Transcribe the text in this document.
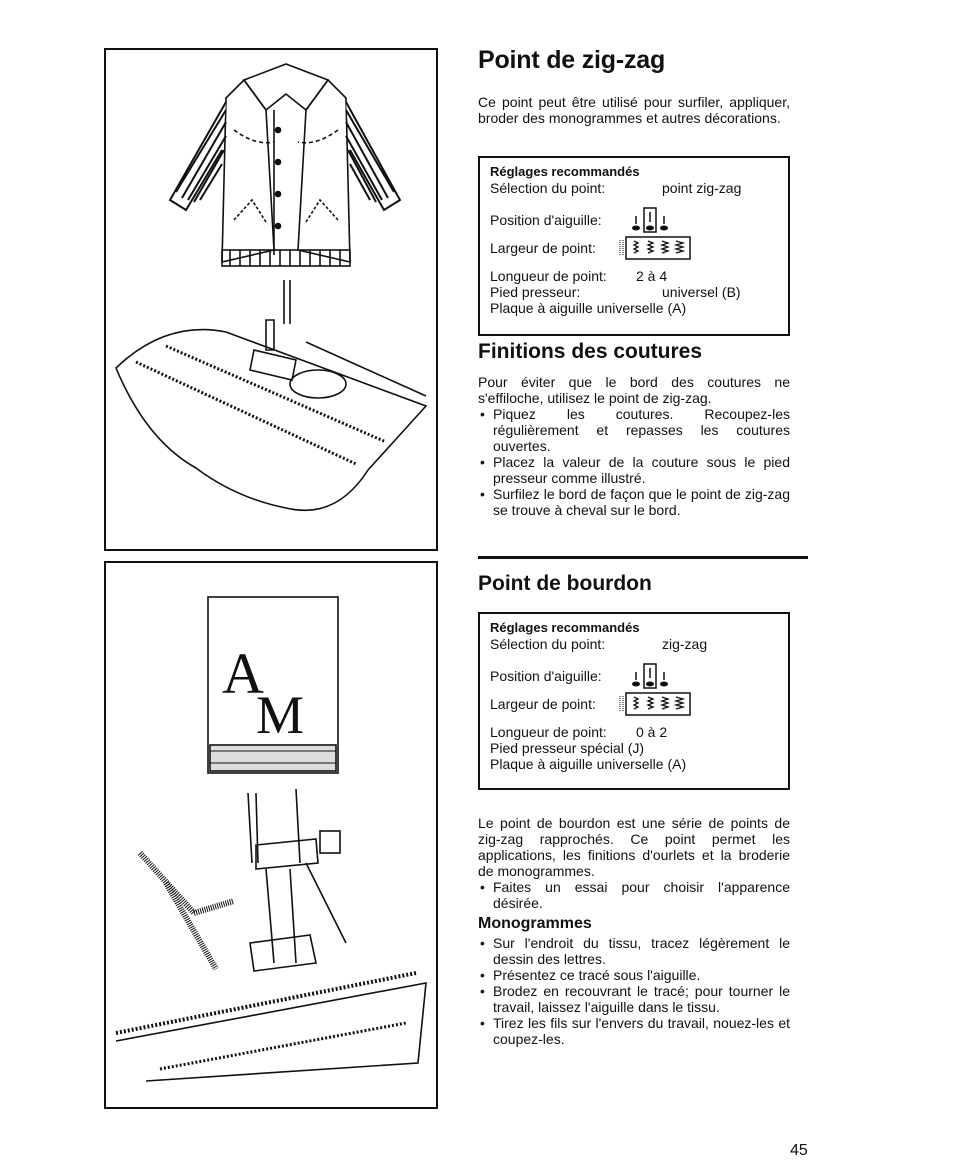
A
M
Point de zig-zag

Ce point peut être utilisé pour surfiler, appliquer, broder des monogrammes et autres décorations.

Réglages recommandés
Sélection du point:	point zig-zag
Position d'aiguille:
Largeur de point:
Longueur de point:	2 à 4
Pied presseur:	universel (B)
Plaque à aiguille universelle (A)
Finitions des coutures

Pour éviter que le bord des coutures ne s'effiloche, utilisez le point de zig-zag.

• Piquez les coutures. Recoupez-les régulièrement et repasses les coutures ouvertes.
• Placez la valeur de la couture sous le pied presseur comme illustré.
• Surfilez le bord de façon que le point de zig-zag se trouve à cheval sur le bord.
Point de bourdon
Réglages recommandés
Sélection du point:	zig-zag
Position d'aiguille:
Largeur de point:
Longueur de point:	0 à 2
Pied presseur spécial (J)
Plaque à aiguille universelle (A)

Le point de bourdon est une série de points de zig-zag rapprochés. Ce point permet les applications, les finitions d'ourlets et la broderie de monogrammes.

• Faites un essai pour choisir l'apparence désirée.
Monogrammes
• Sur l'endroit du tissu, tracez légèrement le dessin des lettres.
• Présentez ce tracé sous l'aiguille.
• Brodez en recouvrant le tracé; pour tourner le travail, laissez l'aiguille dans le tissu.
• Tirez les fils sur l'envers du travail, nouez-les et coupez-les.
45
